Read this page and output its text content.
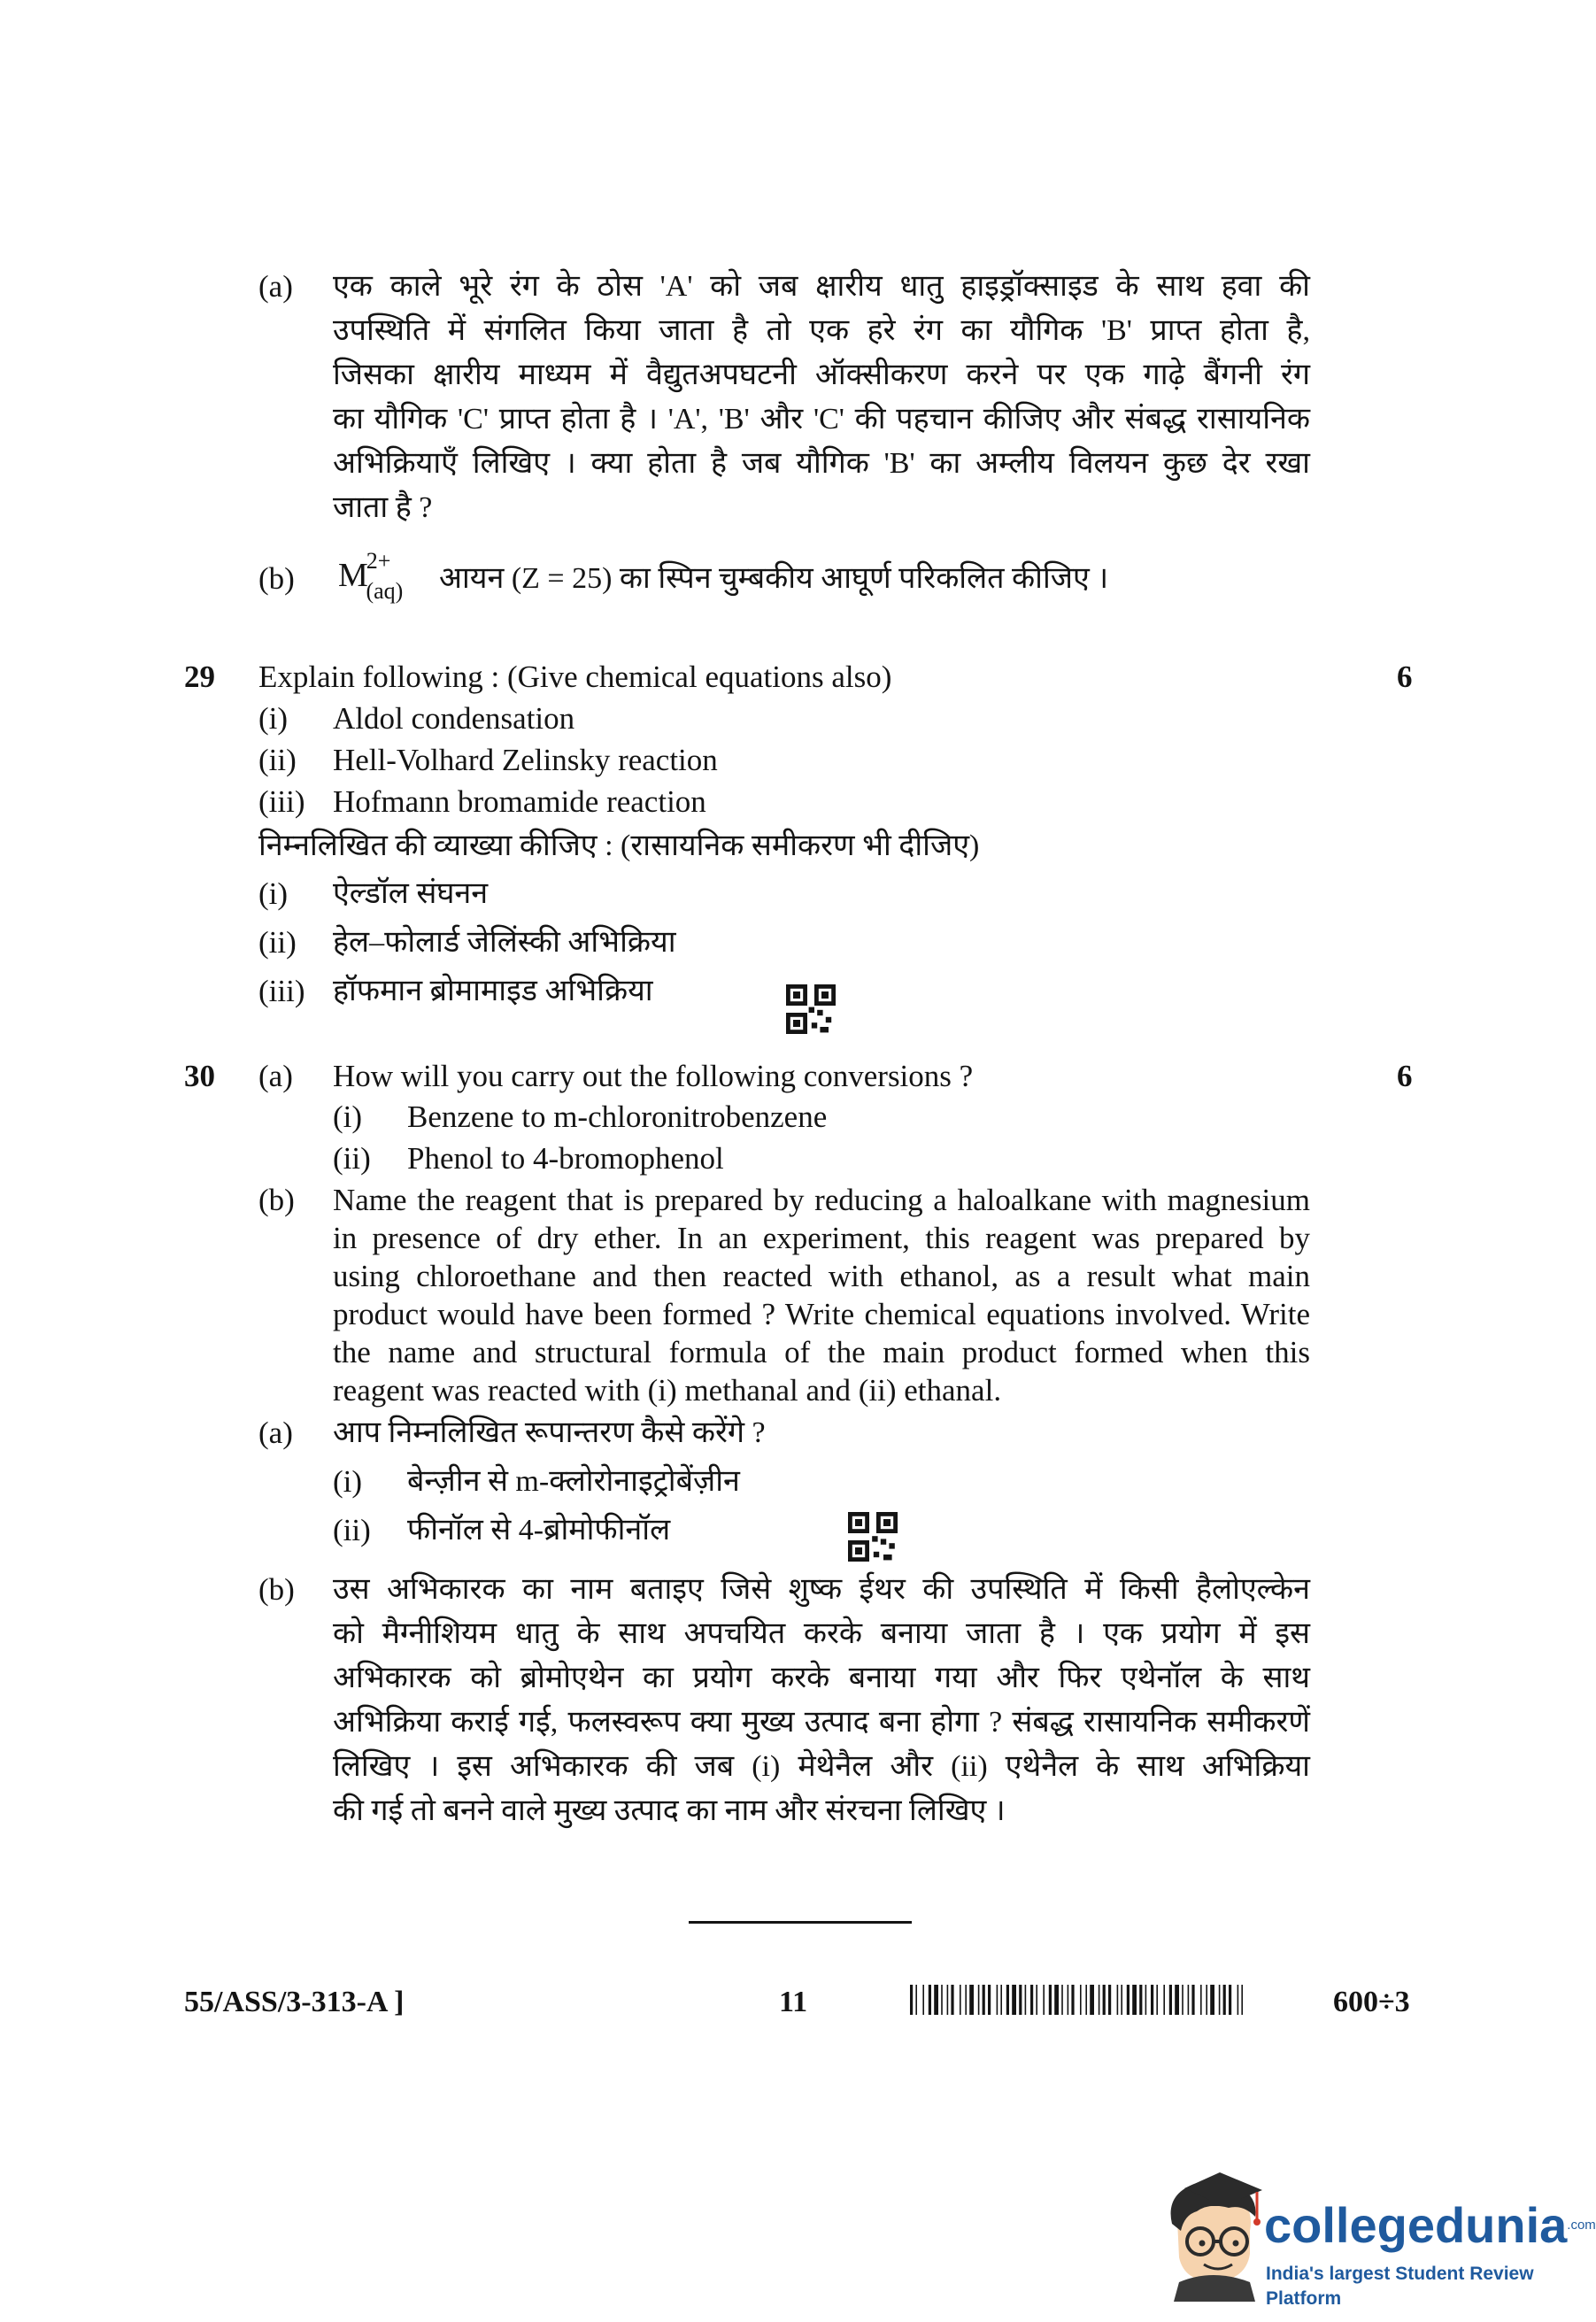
(a) एक काले भूरे रंग के ठोस 'A' को जब क्षारीय धातु हाइड्रॉक्साइड के साथ हवा की
उपस्थिति में संगलित किया जाता है तो एक हरे रंग का यौगिक 'B' प्राप्त होता है,
जिसका क्षारीय माध्यम में वैद्युतअपघटनी ऑक्सीकरण करने पर एक गाढ़े बैंगनी रंग
का यौगिक 'C' प्राप्त होता है । 'A', 'B' और 'C' की पहचान कीजिए और संबद्ध रासायनिक
अभिक्रियाएँ लिखिए । क्या होता है जब यौगिक 'B' का अम्लीय विलयन कुछ देर रखा
जाता है ?
(b) $M^{2+}_{(aq)}$	आयन (Z = 25) का स्पिन चुम्बकीय आघूर्ण परिकलित कीजिए ।
29	6
Explain following : (Give chemical equations also)
(i) Aldol condensation
(ii) Hell-Volhard Zelinsky reaction
(iii) Hofmann bromamide reaction
निम्नलिखित की व्याख्या कीजिए : (रासायनिक समीकरण भी दीजिए)
(i) ऐल्डॉल संघनन
(ii) हेल–फोलार्ड जेलिंस्की अभिक्रिया
(iii) हॉफमान ब्रोमामाइड अभिक्रिया
30	6
(a) How will you carry out the following conversions ?
(i) Benzene to m-chloronitrobenzene
(ii) Phenol to 4-bromophenol
(b) Name the reagent that is prepared by reducing a haloalkane with magnesium
in presence of dry ether. In an experiment, this reagent was prepared by
using chloroethane and then reacted with ethanol, as a result what main
product would have been formed ? Write chemical equations involved. Write
the name and structural formula of the main product formed when this
reagent was reacted with (i) methanal and (ii) ethanal.
(a) आप निम्नलिखित रूपान्तरण कैसे करेंगे ?
(i) बेन्ज़ीन से m-क्लोरोनाइट्रोबेंज़ीन
(ii) फीनॉल से 4-ब्रोमोफीनॉल
(b) उस अभिकारक का नाम बताइए जिसे शुष्क ईथर की उपस्थिति में किसी हैलोएल्केन
को मैग्नीशियम धातु के साथ अपचयित करके बनाया जाता है । एक प्रयोग में इस
अभिकारक को ब्रोमोएथेन का प्रयोग करके बनाया गया और फिर एथेनॉल के साथ
अभिक्रिया कराई गई, फलस्वरूप क्या मुख्य उत्पाद बना होगा ? संबद्ध रासायनिक समीकरणें
लिखिए । इस अभिकारक की जब (i) मेथेनैल और (ii) एथेनैल के साथ अभिक्रिया
की गई तो बनने वाले मुख्य उत्पाद का नाम और संरचना लिखिए ।
55/ASS/3-313-A ]	11	600÷3
collegedunia.com
India's largest Student Review Platform
